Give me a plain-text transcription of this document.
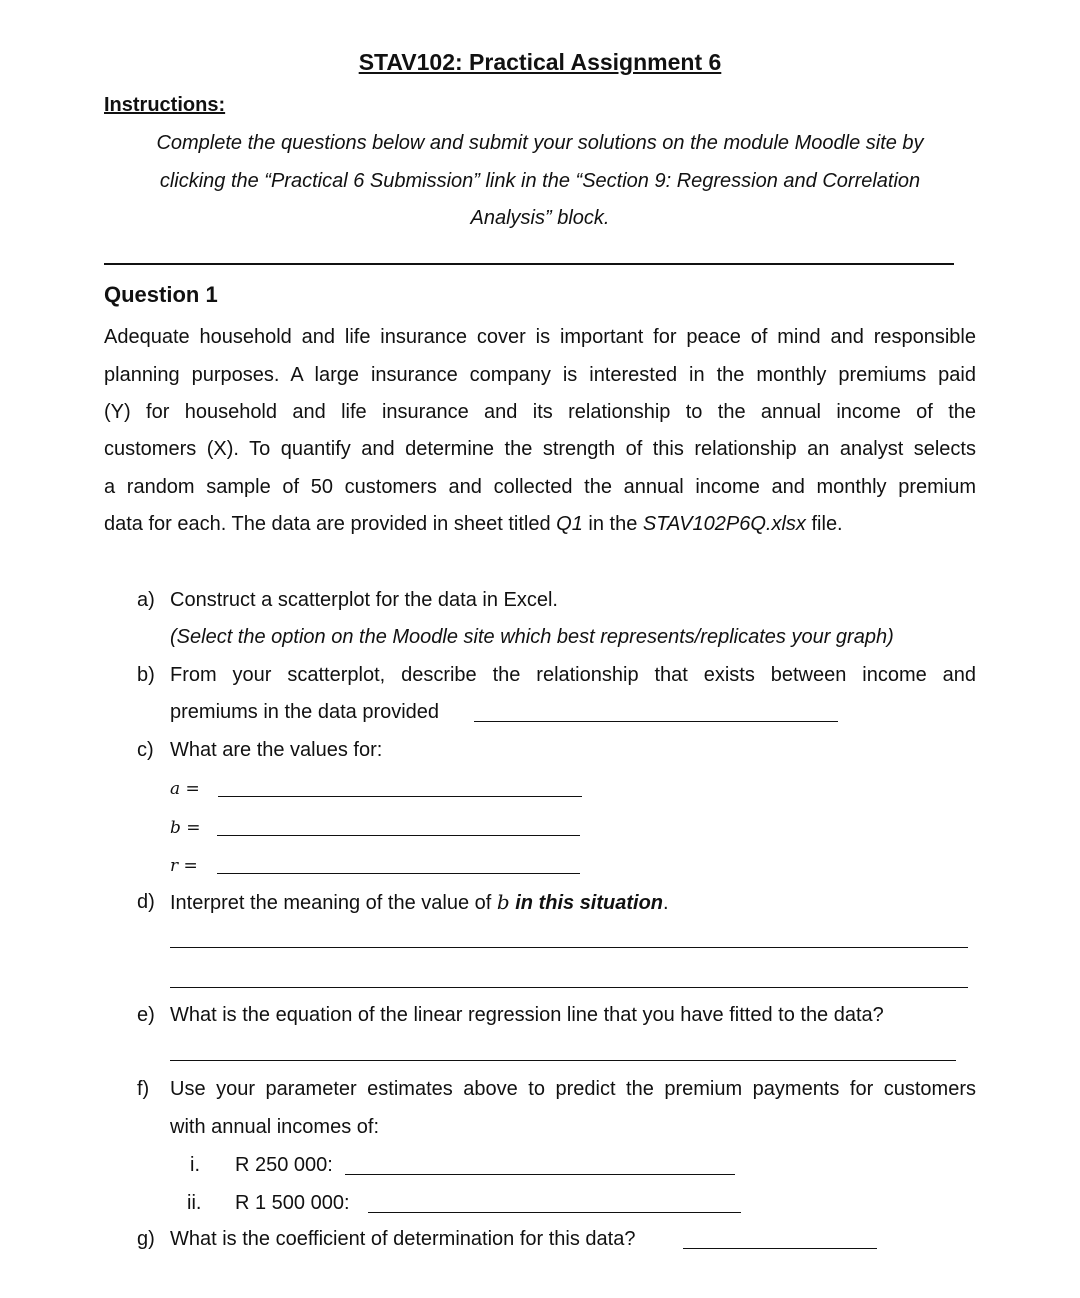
STAV102: Practical Assignment 6
Instructions:
Complete the questions below and submit your solutions on the module Moodle site by
clicking the “Practical 6 Submission” link in the “Section 9: Regression and Correlation
Analysis” block.
Question 1
Adequate household and life insurance cover is important for peace of mind and responsible
planning purposes. A large insurance company is interested in the monthly premiums paid
(Y) for household and life insurance and its relationship to the annual income of the
customers (X). To quantify and determine the strength of this relationship an analyst selects
a random sample of 50 customers and collected the annual income and monthly premium
data for each. The data are provided in sheet titled Q1 in the STAV102P6Q.xlsx file.
a) Construct a scatterplot for the data in Excel.
(Select the option on the Moodle site which best represents/replicates your graph)
b) From your scatterplot, describe the relationship that exists between income and
premiums in the data provided
c) What are the values for:
a =
b =
r =
d) Interpret the meaning of the value of b in this situation.
e) What is the equation of the linear regression line that you have fitted to the data?
f) Use your parameter estimates above to predict the premium payments for customers
with annual incomes of:
i. R 250 000:
ii. R 1 500 000:
g) What is the coefficient of determination for this data?
